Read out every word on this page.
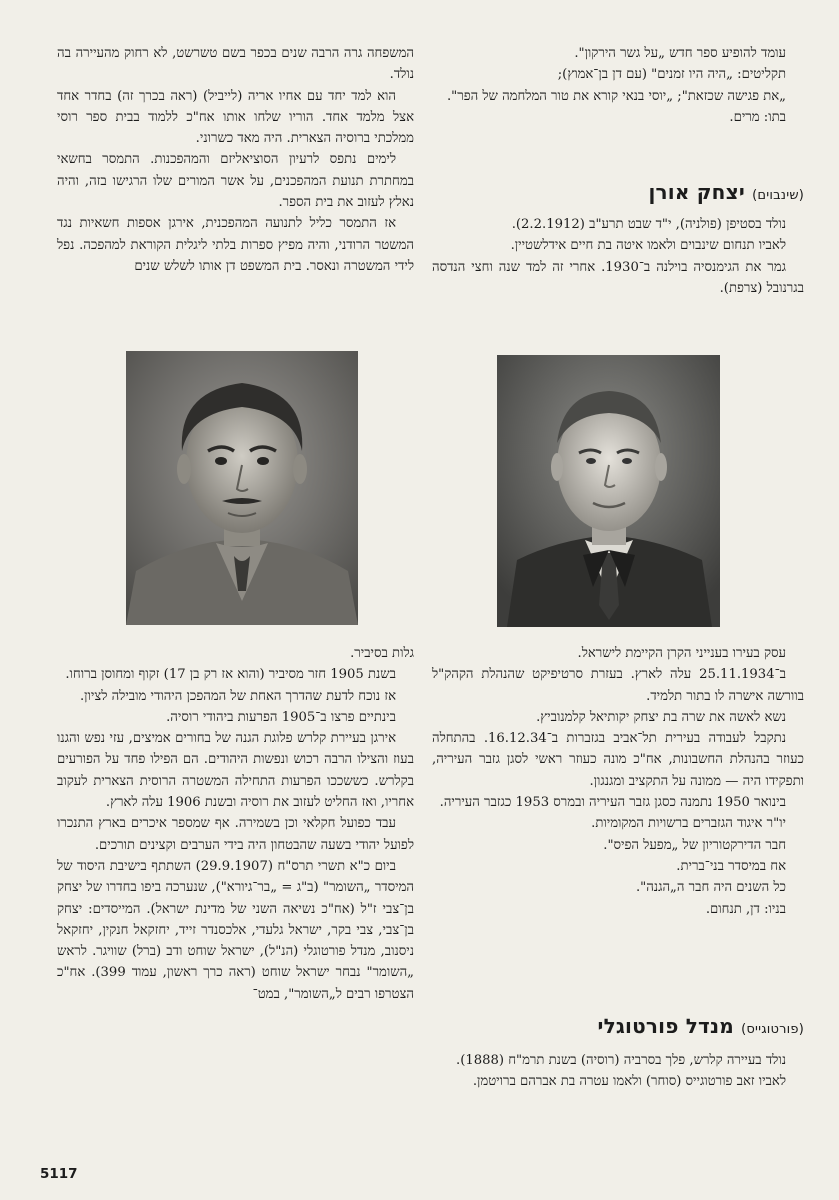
עומד להופיע ספר חדש „על גשר הירקון".

תקליטים: „היה היו זמנים" (עם דן בן־אמוץ);

„את פגישה שכזאת"; „יוסי בנאי קורא את טור המלחמה של הפר".

בתו: מרים.

(שינבוים) יצחק אורן

נולד בסטיפן (פולניה), י"ד שבט תרע"ב (2.2.1912).

לאביו תנחום שינבוים ולאמו איטה בת חיים אידלשטיין.

גמר את הגימנסיה בוילנה ב־1930. אחרי זה למד שנה וחצי הנדסה בגרנובל (צרפת).

עסק בעירו בענייני הקרן הקיימת לישראל.

ב־25.11.1934 עלה לארץ. בעזרת סרטיפיקט שהנהלת הקהק"ל בוורשה אישרה לו בתור תלמיד.

נשא לאשה את שרה בת יצחק יקותיאל קלמנוביץ.

נתקבל לעבודה בעירית תל־אביב בגזברות ב־16.12.34. בהתחלה כעוזר בהנהלת החשבונות, אח"כ מונה כעוזר ראשי לסגן גזבר העיריה, ותפקידו היה — ממונה על התקציב ומגנגון.

בינואר 1950 נתמנה כסגן גזבר העיריה ובמרס 1953 כגזבר העיריה.

יו"ר איגוד הגזברים ברשויות המקומיות.

חבר הדירקטוריון של „מפעל הפיס".

אח במיסדר בני־ברית.

כל השנים היה חבר ה„הגנה".

בניו: דן, תנחום.

(פורטוגייס) מנדל פורטוגלי

נולד בעיירה קלרש, פלך בסרביה (רוסיה) בשנת תרמ"ח (1888).

לאביו זאב פורטוגייס (סוחר) ולאמו עטרה בת אברהם ברויטמן.

המשפחה גרה הרבה שנים בכפר בשם טשרשט, לא רחוק מהעיירה בה נולד.

הוא למד יחד עם אחיו אריה (לייביל) (ראה בכרך זה) בחדר אחד אצל מלמד אחד. הוריו שלחו אותו אח"כ ללמוד בבית ספר רוסי ממלכתי ברוסיה הצארית. היה מאד כשרוני.

לימים נתפס לרעיון הסוציאליזם והמהפכנות. התמסר בחשאי במחתרת תנועת המהפכנים, על אשר המורים שלו הרגישו בזה, והיה נאלץ לעזוב את בית הספר.

אז התמסר כליל לתנועה המהפכנית, אירגן אספות חשאיות נגד המשטר הרודני, והיה מפיץ ספרות בלתי ליגלית הקוראת למהפכה. נפל לידי המשטרה ונאסר. בית המשפט דן אותו לשלש שנים

גלות בסיביר.

בשנת 1905 חזר מסיביר (והוא אז רק בן 17) זקוף ומחוסן ברוחו.

אז נוכח לדעת שהדרך האחת של המהפכן היהודי מובילה לציון.

בינתיים פרצו ב־1905 הפרעות ביהודי רוסיה.

אירגן בעיירת קלרש פלוגת הגנה של בחורים אמיצים, עזי נפש והגנו בעוז והצילו הרבה רכוש ונפשות היהודים. הם הפילו פחד על הפורעים בקלרש. כששככו הפרעות התחילה המשטרה הרוסית הצארית לעקוב אחריו, ואז החליט לעזוב את רוסיה ובשנת 1906 עלה לארץ.

עבד כפועל חקלאי וכן בשמירה. אף שמספר איכרים בארץ התנכרו לפועל יהודי בשעה שהבטחון היה בידי הערבים וקצינים תורכים.

ביום כ"א תשרי תרס"ח (29.9.1907) השתתף בישיבת היסוד של המיסדר „השומר" (ב"ג = „בר־גיורא"), שנערכה ביפו בחדרו של יצחק בן־צבי ז"ל (אח"כ נשיאה השני של מדינת ישראל). המייסדים: יצחק בן־צבי, צבי בקר, ישראל גלעדי, אלכסנדר זייד, יחזקאל חנקין, יחזקאל ניסנוב, מנדל פורטוגלי (הנ"ל), ישראל שוחט ודב (ברל) שוויגר. לראש „השומר" נבחר ישראל שוחט (ראה כרך ראשון, עמוד 399). אח"כ הצטרפו רבים ל„השומר", במט־

5117
